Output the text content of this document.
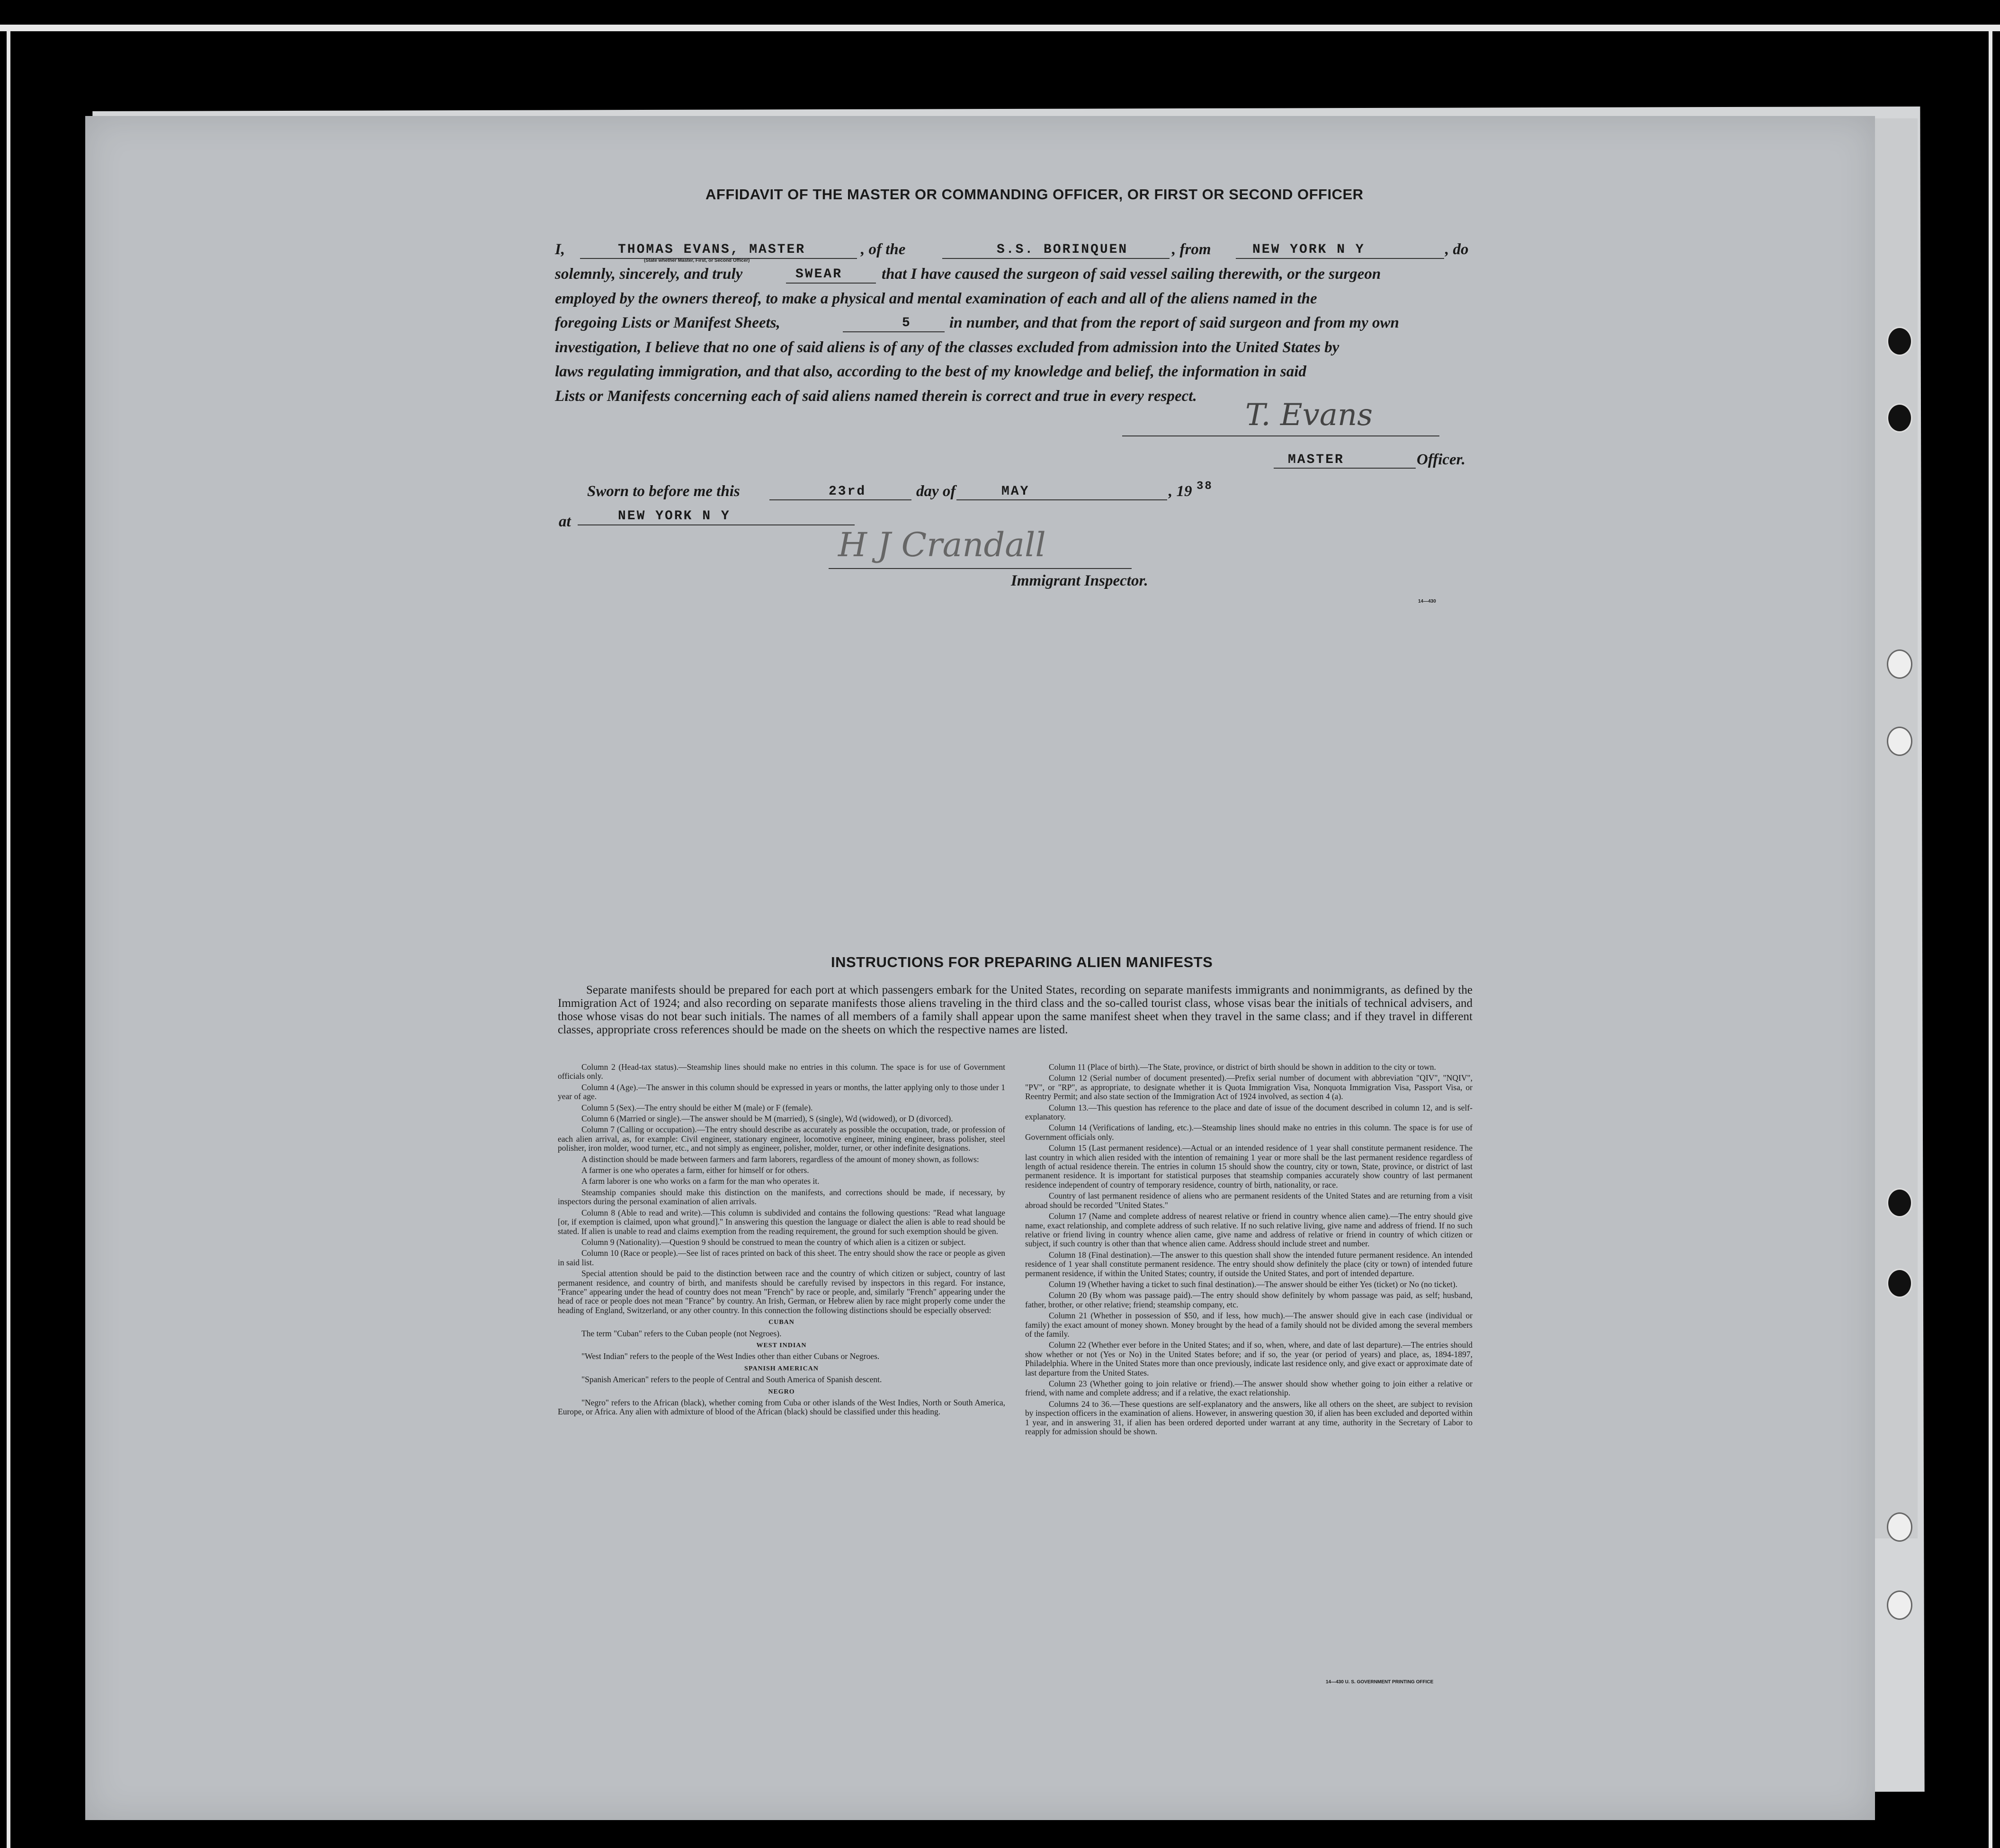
AFFIDAVIT OF THE MASTER OR COMMANDING OFFICER, OR FIRST OR SECOND OFFICER
I,	THOMAS EVANS, MASTER
(State whether Master, First, or Second Officer)
, of the	S.S. BORINQUEN	, from	NEW YORK N Y	, do
solemnly, sincerely, and truly	SWEAR	that I have caused the surgeon of said vessel sailing therewith, or the surgeon
employed by the owners thereof, to make a physical and mental examination of each and all of the aliens named in the
foregoing Lists or Manifest Sheets,	5 in number, and that from the report of said surgeon and from my own
investigation, I believe that no one of said aliens is of any of the classes excluded from admission into the United States by
laws regulating immigration, and that also, according to the best of my knowledge and belief, the information in said
Lists or Manifests concerning each of said aliens named therein is correct and true in every respect.
T. Evans
MASTER	Officer.
Sworn to before me this	23rd	day of	MAY	, 19 38
at	NEW YORK N Y
H J Crandall
Immigrant Inspector.
14—430
INSTRUCTIONS FOR PREPARING ALIEN MANIFESTS
Separate manifests should be prepared for each port at which passengers embark for the United States, recording on separate manifests immigrants and nonimmigrants, as defined by the Immigration Act of 1924; and also recording on separate manifests those aliens traveling in the third class and the so-called tourist class, whose visas bear the initials of technical advisers, and those whose visas do not bear such initials. The names of all members of a family shall appear upon the same manifest sheet when they travel in the same class; and if they travel in different classes, appropriate cross references should be made on the sheets on which the respective names are listed.

Column 2 (Head-tax status).—Steamship lines should make no entries in this column. The space is for use of Government officials only.

Column 4 (Age).—The answer in this column should be expressed in years or months, the latter applying only to those under 1 year of age.

Column 5 (Sex).—The entry should be either M (male) or F (female).

Column 6 (Married or single).—The answer should be M (married), S (single), Wd (widowed), or D (divorced).

Column 7 (Calling or occupation).—The entry should describe as accurately as possible the occupation, trade, or profession of each alien arrival, as, for example: Civil engineer, stationary engineer, locomotive engineer, mining engineer, brass polisher, steel polisher, iron molder, wood turner, etc., and not simply as engineer, polisher, molder, turner, or other indefinite designations.

A distinction should be made between farmers and farm laborers, regardless of the amount of money shown, as follows:

A farmer is one who operates a farm, either for himself or for others.

A farm laborer is one who works on a farm for the man who operates it.

Steamship companies should make this distinction on the manifests, and corrections should be made, if necessary, by inspectors during the personal examination of alien arrivals.

Column 8 (Able to read and write).—This column is subdivided and contains the following questions: "Read what language [or, if exemption is claimed, upon what ground]." In answering this question the language or dialect the alien is able to read should be stated. If alien is unable to read and claims exemption from the reading requirement, the ground for such exemption should be given.

Column 9 (Nationality).—Question 9 should be construed to mean the country of which alien is a citizen or subject.

Column 10 (Race or people).—See list of races printed on back of this sheet. The entry should show the race or people as given in said list.

Special attention should be paid to the distinction between race and the country of which citizen or subject, country of last permanent residence, and country of birth, and manifests should be carefully revised by inspectors in this regard. For instance, "France" appearing under the head of country does not mean "French" by race or people, and, similarly "French" appearing under the head of race or people does not mean "France" by country. An Irish, German, or Hebrew alien by race might properly come under the heading of England, Switzerland, or any other country. In this connection the following distinctions should be especially observed:

CUBAN

The term "Cuban" refers to the Cuban people (not Negroes).

WEST INDIAN

"West Indian" refers to the people of the West Indies other than either Cubans or Negroes.

SPANISH AMERICAN

"Spanish American" refers to the people of Central and South America of Spanish descent.

NEGRO

"Negro" refers to the African (black), whether coming from Cuba or other islands of the West Indies, North or South America, Europe, or Africa. Any alien with admixture of blood of the African (black) should be classified under this heading.

Column 11 (Place of birth).—The State, province, or district of birth should be shown in addition to the city or town.

Column 12 (Serial number of document presented).—Prefix serial number of document with abbreviation "QIV", "NQIV", "PV", or "RP", as appropriate, to designate whether it is Quota Immigration Visa, Nonquota Immigration Visa, Passport Visa, or Reentry Permit; and also state section of the Immigration Act of 1924 involved, as section 4 (a).

Column 13.—This question has reference to the place and date of issue of the document described in column 12, and is self-explanatory.

Column 14 (Verifications of landing, etc.).—Steamship lines should make no entries in this column. The space is for use of Government officials only.

Column 15 (Last permanent residence).—Actual or an intended residence of 1 year shall constitute permanent residence. The last country in which alien resided with the intention of remaining 1 year or more shall be the last permanent residence regardless of length of actual residence therein. The entries in column 15 should show the country, city or town, State, province, or district of last permanent residence. It is important for statistical purposes that steamship companies accurately show country of last permanent residence independent of country of temporary residence, country of birth, nationality, or race.

Country of last permanent residence of aliens who are permanent residents of the United States and are returning from a visit abroad should be recorded "United States."

Column 17 (Name and complete address of nearest relative or friend in country whence alien came).—The entry should give name, exact relationship, and complete address of such relative. If no such relative living, give name and address of friend. If no such relative or friend living in country whence alien came, give name and address of relative or friend in country of which citizen or subject, if such country is other than that whence alien came. Address should include street and number.

Column 18 (Final destination).—The answer to this question shall show the intended future permanent residence. An intended residence of 1 year shall constitute permanent residence. The entry should show definitely the place (city or town) of intended future permanent residence, if within the United States; country, if outside the United States, and port of intended departure.

Column 19 (Whether having a ticket to such final destination).—The answer should be either Yes (ticket) or No (no ticket).

Column 20 (By whom was passage paid).—The entry should show definitely by whom passage was paid, as self; husband, father, brother, or other relative; friend; steamship company, etc.

Column 21 (Whether in possession of $50, and if less, how much).—The answer should give in each case (individual or family) the exact amount of money shown. Money brought by the head of a family should not be divided among the several members of the family.

Column 22 (Whether ever before in the United States; and if so, when, where, and date of last departure).—The entries should show whether or not (Yes or No) in the United States before; and if so, the year (or period of years) and place, as, 1894-1897, Philadelphia. Where in the United States more than once previously, indicate last residence only, and give exact or approximate date of last departure from the United States.

Column 23 (Whether going to join relative or friend).—The answer should show whether going to join either a relative or friend, with name and complete address; and if a relative, the exact relationship.

Columns 24 to 36.—These questions are self-explanatory and the answers, like all others on the sheet, are subject to revision by inspection officers in the examination of aliens. However, in answering question 30, if alien has been excluded and deported within 1 year, and in answering 31, if alien has been ordered deported under warrant at any time, authority in the Secretary of Labor to reapply for admission should be shown.

14—430 U. S. GOVERNMENT PRINTING OFFICE
